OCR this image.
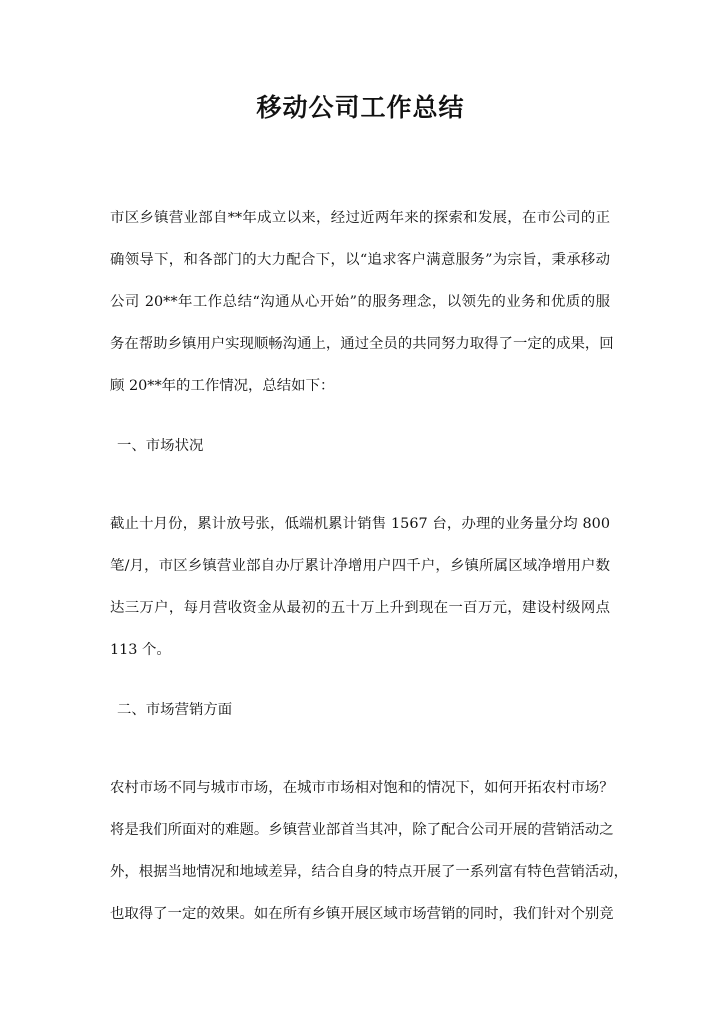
移动公司工作总结
市区乡镇营业部自**年成立以来，经过近两年来的探索和发展，在市公司的正
确领导下，和各部门的大力配合下，以“追求客户满意服务”为宗旨，秉承移动
公司 20**年工作总结“沟通从心开始”的服务理念，以领先的业务和优质的服
务在帮助乡镇用户实现顺畅沟通上，通过全员的共同努力取得了一定的成果，回
顾 20**年的工作情况，总结如下：
一、市场状况
截止十月份，累计放号张，低端机累计销售 1567 台，办理的业务量分均 800
笔/月，市区乡镇营业部自办厅累计净增用户四千户，乡镇所属区域净增用户数
达三万户，每月营收资金从最初的五十万上升到现在一百万元，建设村级网点
113 个。
二、市场营销方面
农村市场不同与城市市场，在城市市场相对饱和的情况下，如何开拓农村市场？
将是我们所面对的难题。乡镇营业部首当其冲，除了配合公司开展的营销活动之
外，根据当地情况和地域差异，结合自身的特点开展了一系列富有特色营销活动，
也取得了一定的效果。如在所有乡镇开展区域市场营销的同时，我们针对个别竞
